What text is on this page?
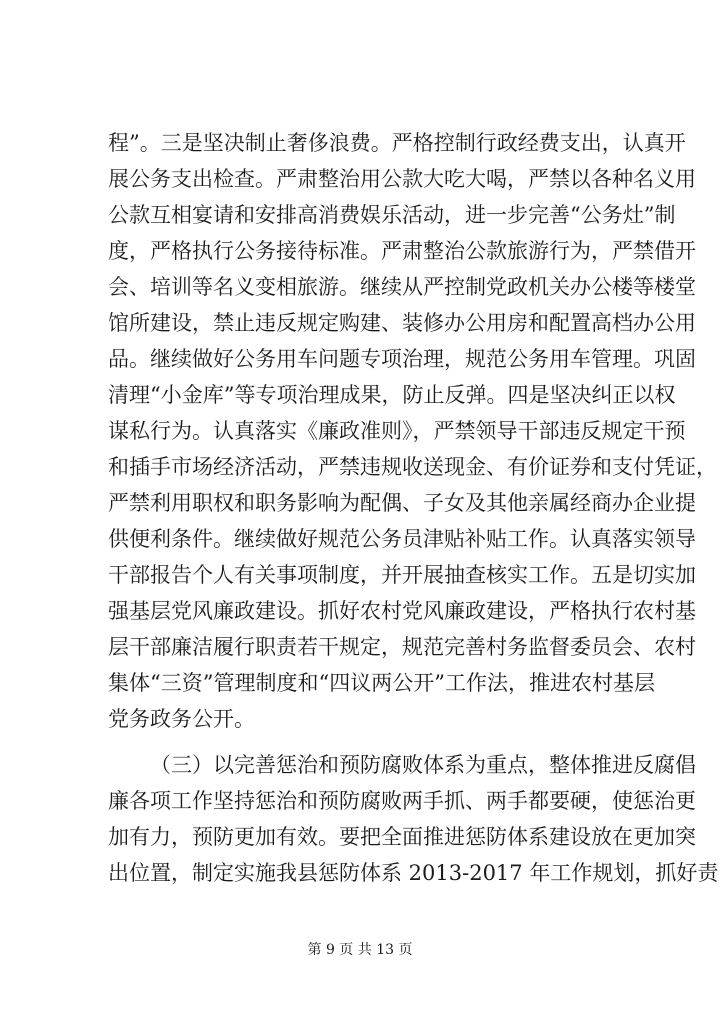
程”。三是坚决制止奢侈浪费。严格控制行政经费支出，认真开
展公务支出检查。严肃整治用公款大吃大喝，严禁以各种名义用
公款互相宴请和安排高消费娱乐活动，进一步完善“公务灶”制
度，严格执行公务接待标准。严肃整治公款旅游行为，严禁借开
会、培训等名义变相旅游。继续从严控制党政机关办公楼等楼堂
馆所建设，禁止违反规定购建、装修办公用房和配置高档办公用
品。继续做好公务用车问题专项治理，规范公务用车管理。巩固
清理“小金库”等专项治理成果，防止反弹。四是坚决纠正以权
谋私行为。认真落实《廉政准则》，严禁领导干部违反规定干预
和插手市场经济活动，严禁违规收送现金、有价证券和支付凭证，
严禁利用职权和职务影响为配偶、子女及其他亲属经商办企业提
供便利条件。继续做好规范公务员津贴补贴工作。认真落实领导
干部报告个人有关事项制度，并开展抽查核实工作。五是切实加
强基层党风廉政建设。抓好农村党风廉政建设，严格执行农村基
层干部廉洁履行职责若干规定，规范完善村务监督委员会、农村
集体“三资”管理制度和“四议两公开”工作法，推进农村基层
党务政务公开。
（三）以完善惩治和预防腐败体系为重点，整体推进反腐倡
廉各项工作坚持惩治和预防腐败两手抓、两手都要硬，使惩治更
加有力，预防更加有效。要把全面推进惩防体系建设放在更加突
出位置，制定实施我县惩防体系 2013-2017 年工作规划，抓好责
第 9 页 共 13 页
